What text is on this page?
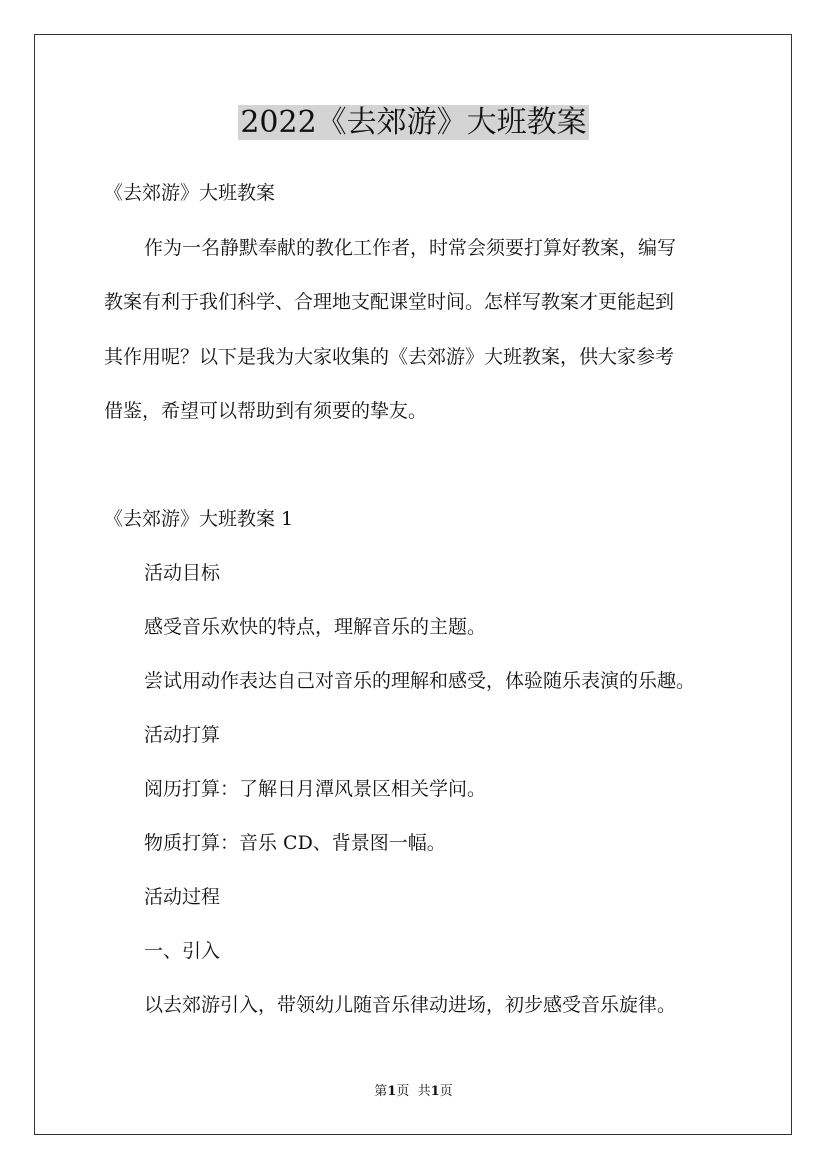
2022《去郊游》大班教案

《去郊游》大班教案

作为一名静默奉献的教化工作者，时常会须要打算好教案，编写

教案有利于我们科学、合理地支配课堂时间。怎样写教案才更能起到

其作用呢？以下是我为大家收集的《去郊游》大班教案，供大家参考

借鉴，希望可以帮助到有须要的挚友。

《去郊游》大班教案 1

活动目标

感受音乐欢快的特点，理解音乐的主题。

尝试用动作表达自己对音乐的理解和感受，体验随乐表演的乐趣。

活动打算

阅历打算：了解日月潭风景区相关学问。

物质打算：音乐 CD、背景图一幅。

活动过程

一、引入

以去郊游引入，带领幼儿随音乐律动进场，初步感受音乐旋律。

第1页 共1页
